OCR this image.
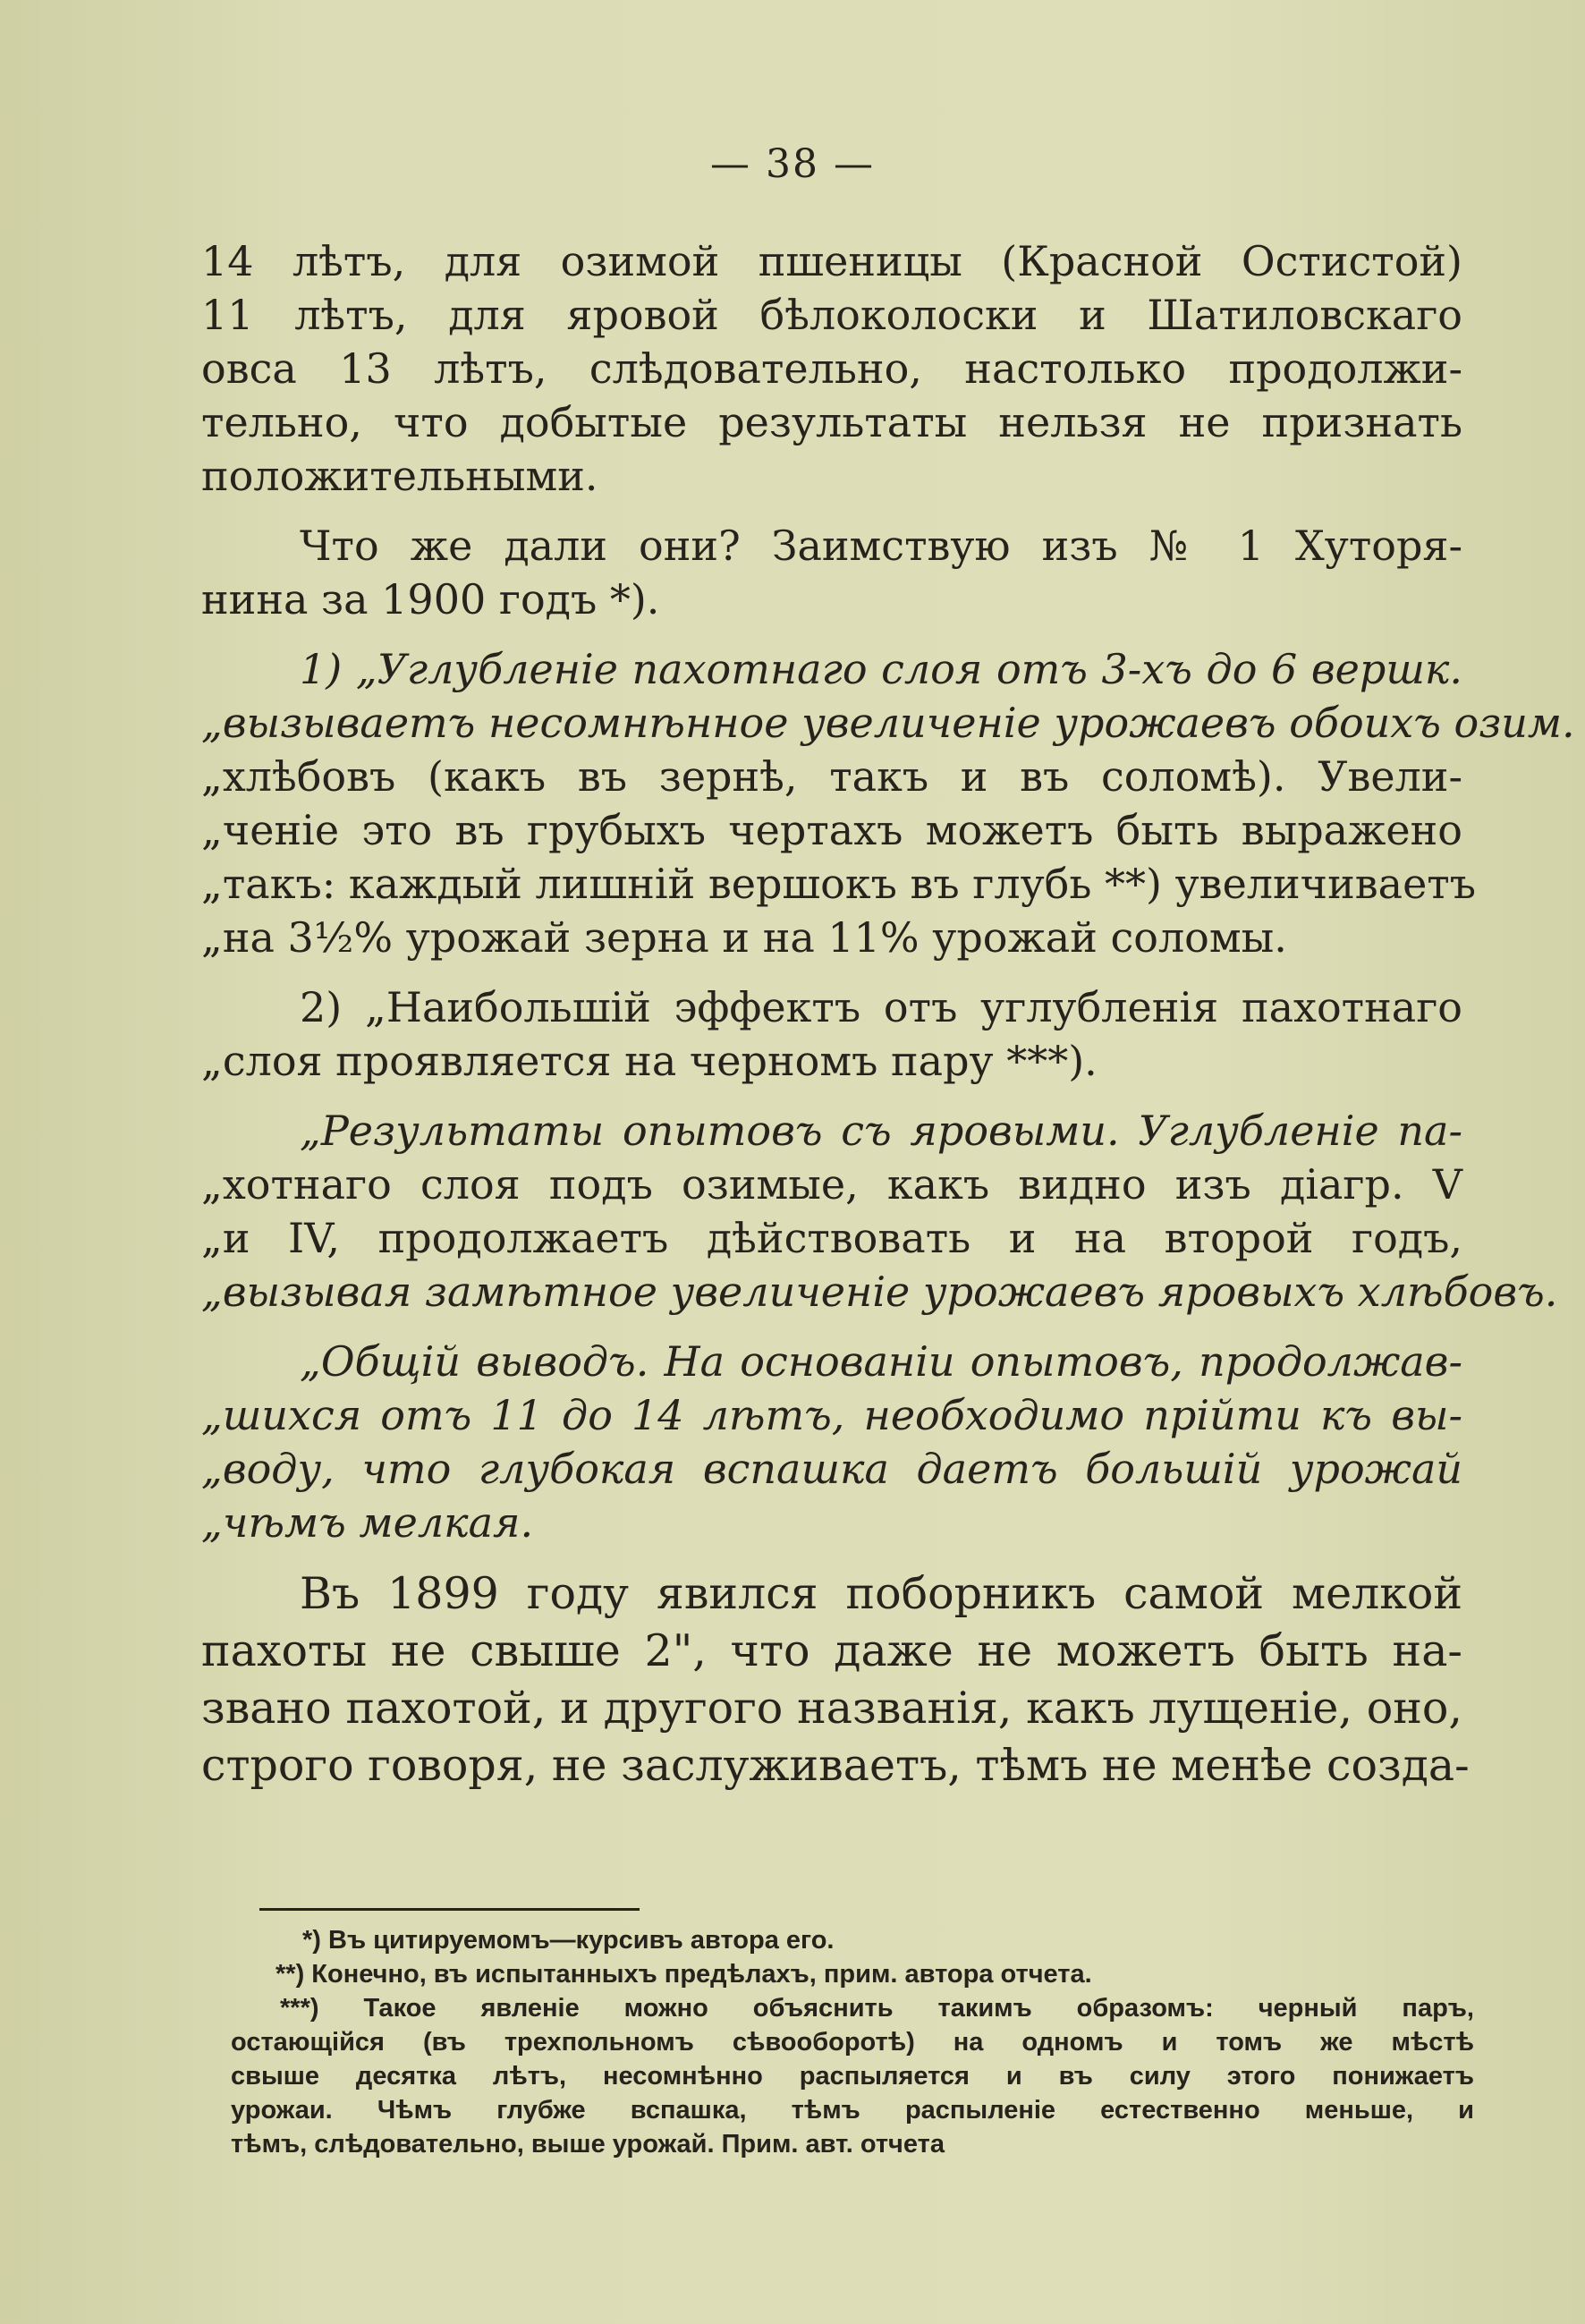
— 38 —
14 лѣтъ, для озимой пшеницы (Красной Остистой)
11 лѣтъ, для яровой бѣлоколоски и Шатиловскаго
овса 13 лѣтъ, слѣдовательно, настолько продолжи-
тельно, что добытые результаты нельзя не признать
положительными.
Что же дали они? Заимствую изъ № 1 Хуторя-
нина за 1900 годъ *).
1) „Углубленіе пахотнаго слоя отъ 3-хъ до 6 вершк.
„вызываетъ несомнѣнное увеличеніе урожаевъ обоихъ озим.
„хлѣбовъ (какъ въ зернѣ, такъ и въ соломѣ). Увели-
„ченіе это въ грубыхъ чертахъ можетъ быть выражено
„такъ: каждый лишній вершокъ въ глубь **) увеличиваетъ
„на 3½% урожай зерна и на 11% урожай соломы.
2) „Наибольшій эффектъ отъ углубленія пахотнаго
„слоя проявляется на черномъ пару ***).
„Результаты опытовъ съ яровыми. Углубленіе па-
„хотнаго слоя подъ озимые, какъ видно изъ діагр. V
„и IV, продолжаетъ дѣйствовать и на второй годъ,
„вызывая замѣтное увеличеніе урожаевъ яровыхъ хлѣбовъ.
„Общій выводъ. На основаніи опытовъ, продолжав-
„шихся отъ 11 до 14 лѣтъ, необходимо прійти къ вы-
„воду, что глубокая вспашка даетъ большій урожай
„чѣмъ мелкая.
Въ 1899 году явился поборникъ самой мелкой
пахоты не свыше 2", что даже не можетъ быть на-
звано пахотой, и другого названія, какъ лущеніе, оно,
строго говоря, не заслуживаетъ, тѣмъ не менѣе созда-
*) Въ цитируемомъ—курсивъ автора его.
**) Конечно, въ испытанныхъ предѣлахъ, прим. автора отчета.
***) Такое явленіе можно объяснить такимъ образомъ: черный паръ,
остающійся (въ трехпольномъ сѣвооборотѣ) на одномъ и томъ же мѣстѣ
свыше десятка лѣтъ, несомнѣнно распыляется и въ силу этого понижаетъ
урожаи. Чѣмъ глубже вспашка, тѣмъ распыленіе естественно меньше, и
тѣмъ, слѣдовательно, выше урожай. Прим. авт. отчета
